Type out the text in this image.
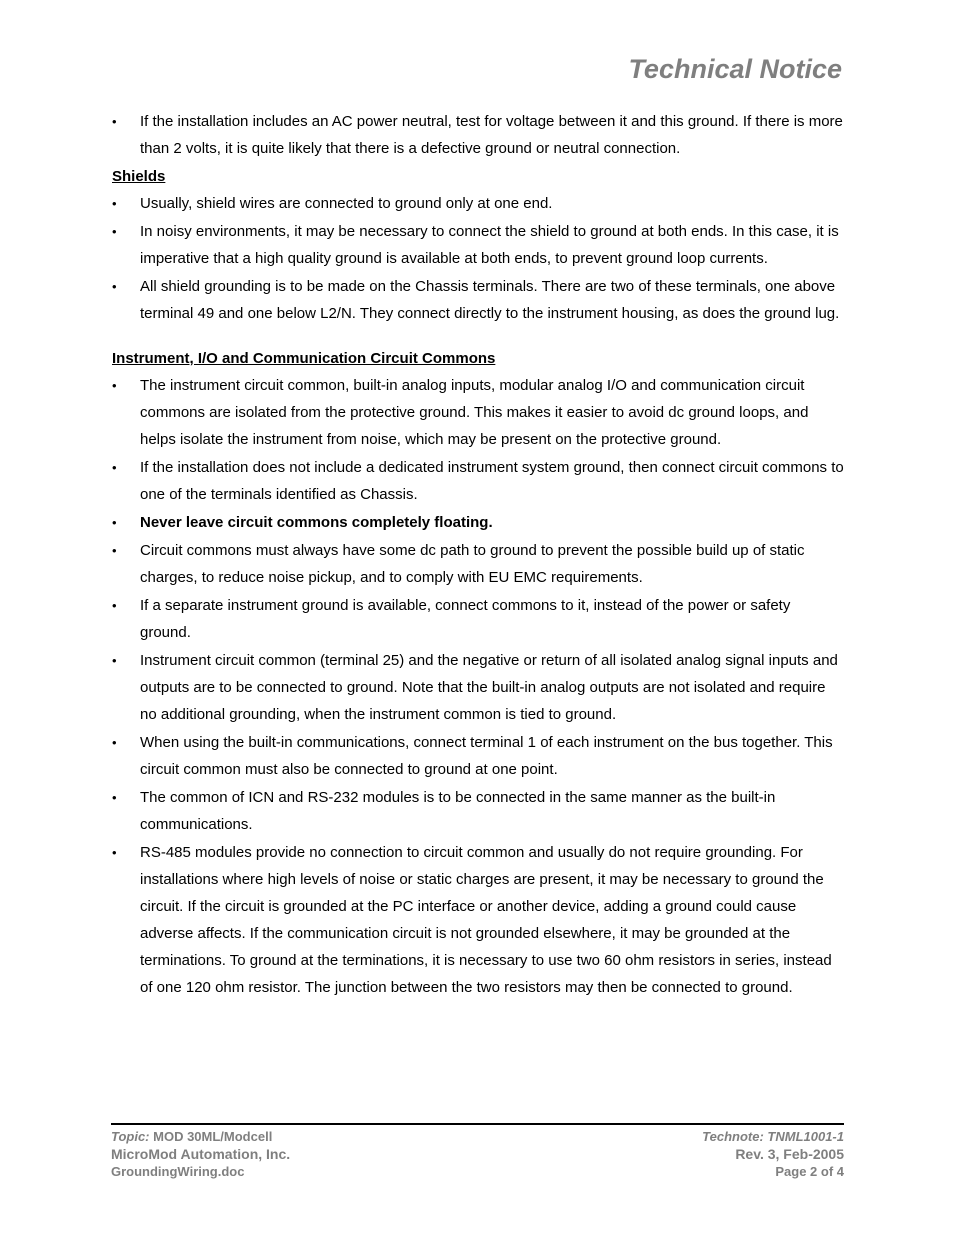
Technical Notice
•	If the installation includes an AC power neutral, test for voltage between it and this ground. If there is more than 2 volts, it is quite likely that there is a defective ground or neutral connection.
Shields
•	Usually, shield wires are connected to ground only at one end.
•	In noisy environments, it may be necessary to connect the shield to ground at both ends. In this case, it is imperative that a high quality ground is available at both ends, to prevent ground loop currents.
•	All shield grounding is to be made on the Chassis terminals. There are two of these terminals, one above terminal 49 and one below L2/N. They connect directly to the instrument housing, as does the ground lug.
Instrument, I/O and Communication Circuit Commons
•	The instrument circuit common, built-in analog inputs, modular analog I/O and communication circuit commons are isolated from the protective ground. This makes it easier to avoid dc ground loops, and helps isolate the instrument from noise, which may be present on the protective ground.
•	If the installation does not include a dedicated instrument system ground, then connect circuit commons to one of the terminals identified as Chassis.
•	Never leave circuit commons completely floating.
•	Circuit commons must always have some dc path to ground to prevent the possible build up of static charges, to reduce noise pickup, and to comply with EU EMC requirements.
•	If a separate instrument ground is available, connect commons to it, instead of the power or safety ground.
•	Instrument circuit common (terminal 25) and the negative or return of all isolated analog signal inputs and outputs are to be connected to ground. Note that the built-in analog outputs are not isolated and require no additional grounding, when the instrument common is tied to ground.
•	When using the built-in communications, connect terminal 1 of each instrument on the bus together. This circuit common must also be connected to ground at one point.
•	The common of ICN and RS-232 modules is to be connected in the same manner as the built-in communications.
•	RS-485 modules provide no connection to circuit common and usually do not require grounding. For installations where high levels of noise or static charges are present, it may be necessary to ground the circuit. If the circuit is grounded at the PC interface or another device, adding a ground could cause adverse affects. If the communication circuit is not grounded elsewhere, it may be grounded at the terminations. To ground at the terminations, it is necessary to use two 60 ohm resistors in series, instead of one 120 ohm resistor. The junction between the two resistors may then be connected to ground.
Topic: MOD 30ML/Modcell	Technote: TNML1001-1
MicroMod Automation, Inc.	Rev. 3, Feb-2005
GroundingWiring.doc	Page 2 of 4
